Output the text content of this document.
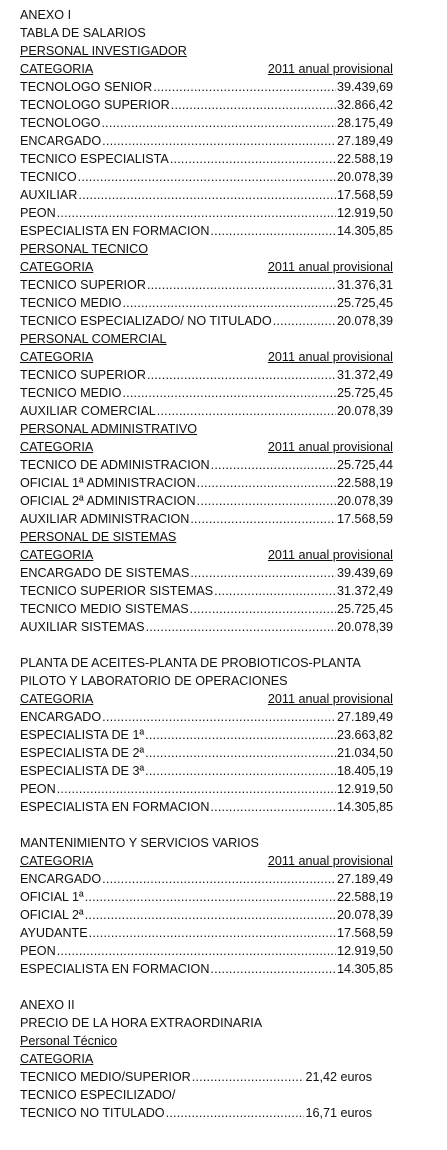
ANEXO I
TABLA DE SALARIOS
PERSONAL INVESTIGADOR
CATEGORIA	2011 anual provisional
TECNOLOGO SENIOR .....	39.439,69
TECNOLOGO SUPERIOR .....	32.866,42
TECNOLOGO .....	28.175,49
ENCARGADO .....	27.189,49
TECNICO ESPECIALISTA .....	22.588,19
TECNICO .....	20.078,39
AUXILIAR .....	17.568,59
PEON .....	12.919,50
ESPECIALISTA EN FORMACION .....	14.305,85
PERSONAL TECNICO
CATEGORIA	2011 anual provisional
TECNICO SUPERIOR .....	31.376,31
TECNICO MEDIO .....	25.725,45
TECNICO ESPECIALIZADO/ NO TITULADO .....	20.078,39
PERSONAL COMERCIAL
CATEGORIA	2011 anual provisional
TECNICO SUPERIOR .....	31.372,49
TECNICO MEDIO .....	25.725,45
AUXILIAR COMERCIAL .....	20.078,39
PERSONAL ADMINISTRATIVO
CATEGORIA	2011 anual provisional
TECNICO DE ADMINISTRACION .....	25.725,44
OFICIAL 1ª ADMINISTRACION .....	22.588,19
OFICIAL 2ª ADMINISTRACION .....	20.078,39
AUXILIAR ADMINISTRACION .....	17.568,59
PERSONAL DE SISTEMAS
CATEGORIA	2011 anual provisional
ENCARGADO DE SISTEMAS .....	39.439,69
TECNICO SUPERIOR SISTEMAS .....	31.372,49
TECNICO MEDIO SISTEMAS .....	25.725,45
AUXILIAR SISTEMAS .....	20.078,39
PLANTA DE ACEITES-PLANTA DE PROBIOTICOS-PLANTA
PILOTO Y LABORATORIO DE OPERACIONES
CATEGORIA	2011 anual provisional
ENCARGADO .....	27.189,49
ESPECIALISTA DE 1ª .....	23.663,82
ESPECIALISTA DE 2ª .....	21.034,50
ESPECIALISTA DE 3ª .....	18.405,19
PEON .....	12.919,50
ESPECIALISTA EN FORMACION .....	14.305,85
MANTENIMIENTO Y SERVICIOS VARIOS
CATEGORIA	2011 anual provisional
ENCARGADO .....	27.189,49
OFICIAL 1ª .....	22.588,19
OFICIAL 2ª .....	20.078,39
AYUDANTE .....	17.568,59
PEON .....	12.919,50
ESPECIALISTA EN FORMACION .....	14.305,85
ANEXO II
PRECIO DE LA HORA EXTRAORDINARIA
Personal Técnico
CATEGORIA
TECNICO MEDIO/SUPERIOR .....	21,42 euros
TECNICO ESPECILIZADO/
TECNICO NO TITULADO .....	16,71 euros
